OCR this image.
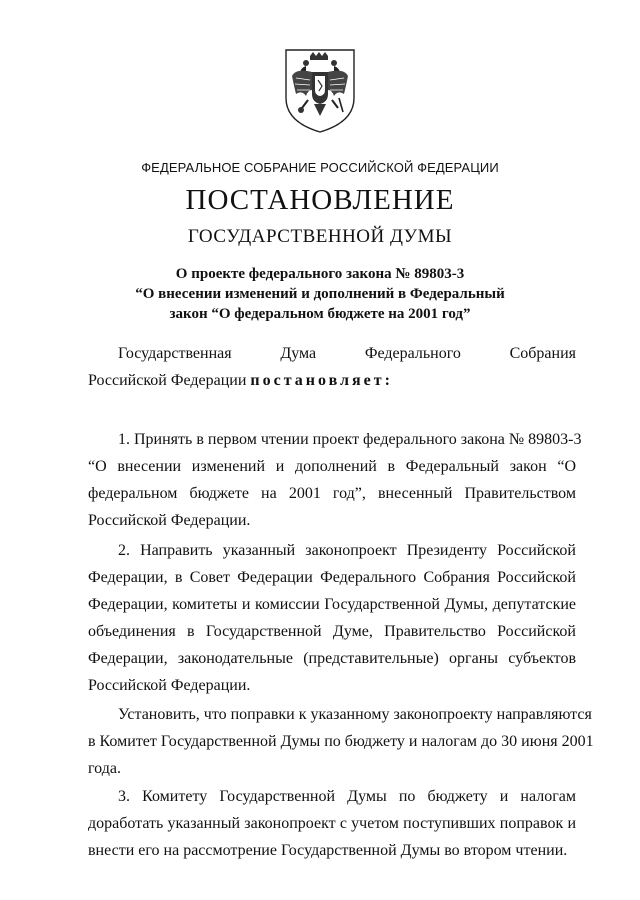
ФЕДЕРАЛЬНОЕ СОБРАНИЕ РОССИЙСКОЙ ФЕДЕРАЦИИ
ПОСТАНОВЛЕНИЕ
ГОСУДАРСТВЕННОЙ ДУМЫ
О проекте федерального закона № 89803-3
“О внесении изменений и дополнений в Федеральный
закон “О федеральном бюджете на 2001 год”
Государственная Дума Федерального Собрания
Российской Федерации постановляет:
1. Принять в первом чтении проект федерального закона № 89803-3
“О внесении изменений и дополнений в Федеральный закон “О
федеральном бюджете на 2001 год”, внесенный Правительством
Российской Федерации.
2. Направить указанный законопроект Президенту Российской
Федерации, в Совет Федерации Федерального Собрания Российской
Федерации, комитеты и комиссии Государственной Думы, депутатские
объединения в Государственной Думе, Правительство Российской
Федерации, законодательные (представительные) органы субъектов
Российской Федерации.
Установить, что поправки к указанному законопроекту направляются
в Комитет Государственной Думы по бюджету и налогам до 30 июня 2001
года.
3. Комитету Государственной Думы по бюджету и налогам
доработать указанный законопроект с учетом поступивших поправок и
внести его на рассмотрение Государственной Думы во втором чтении.
